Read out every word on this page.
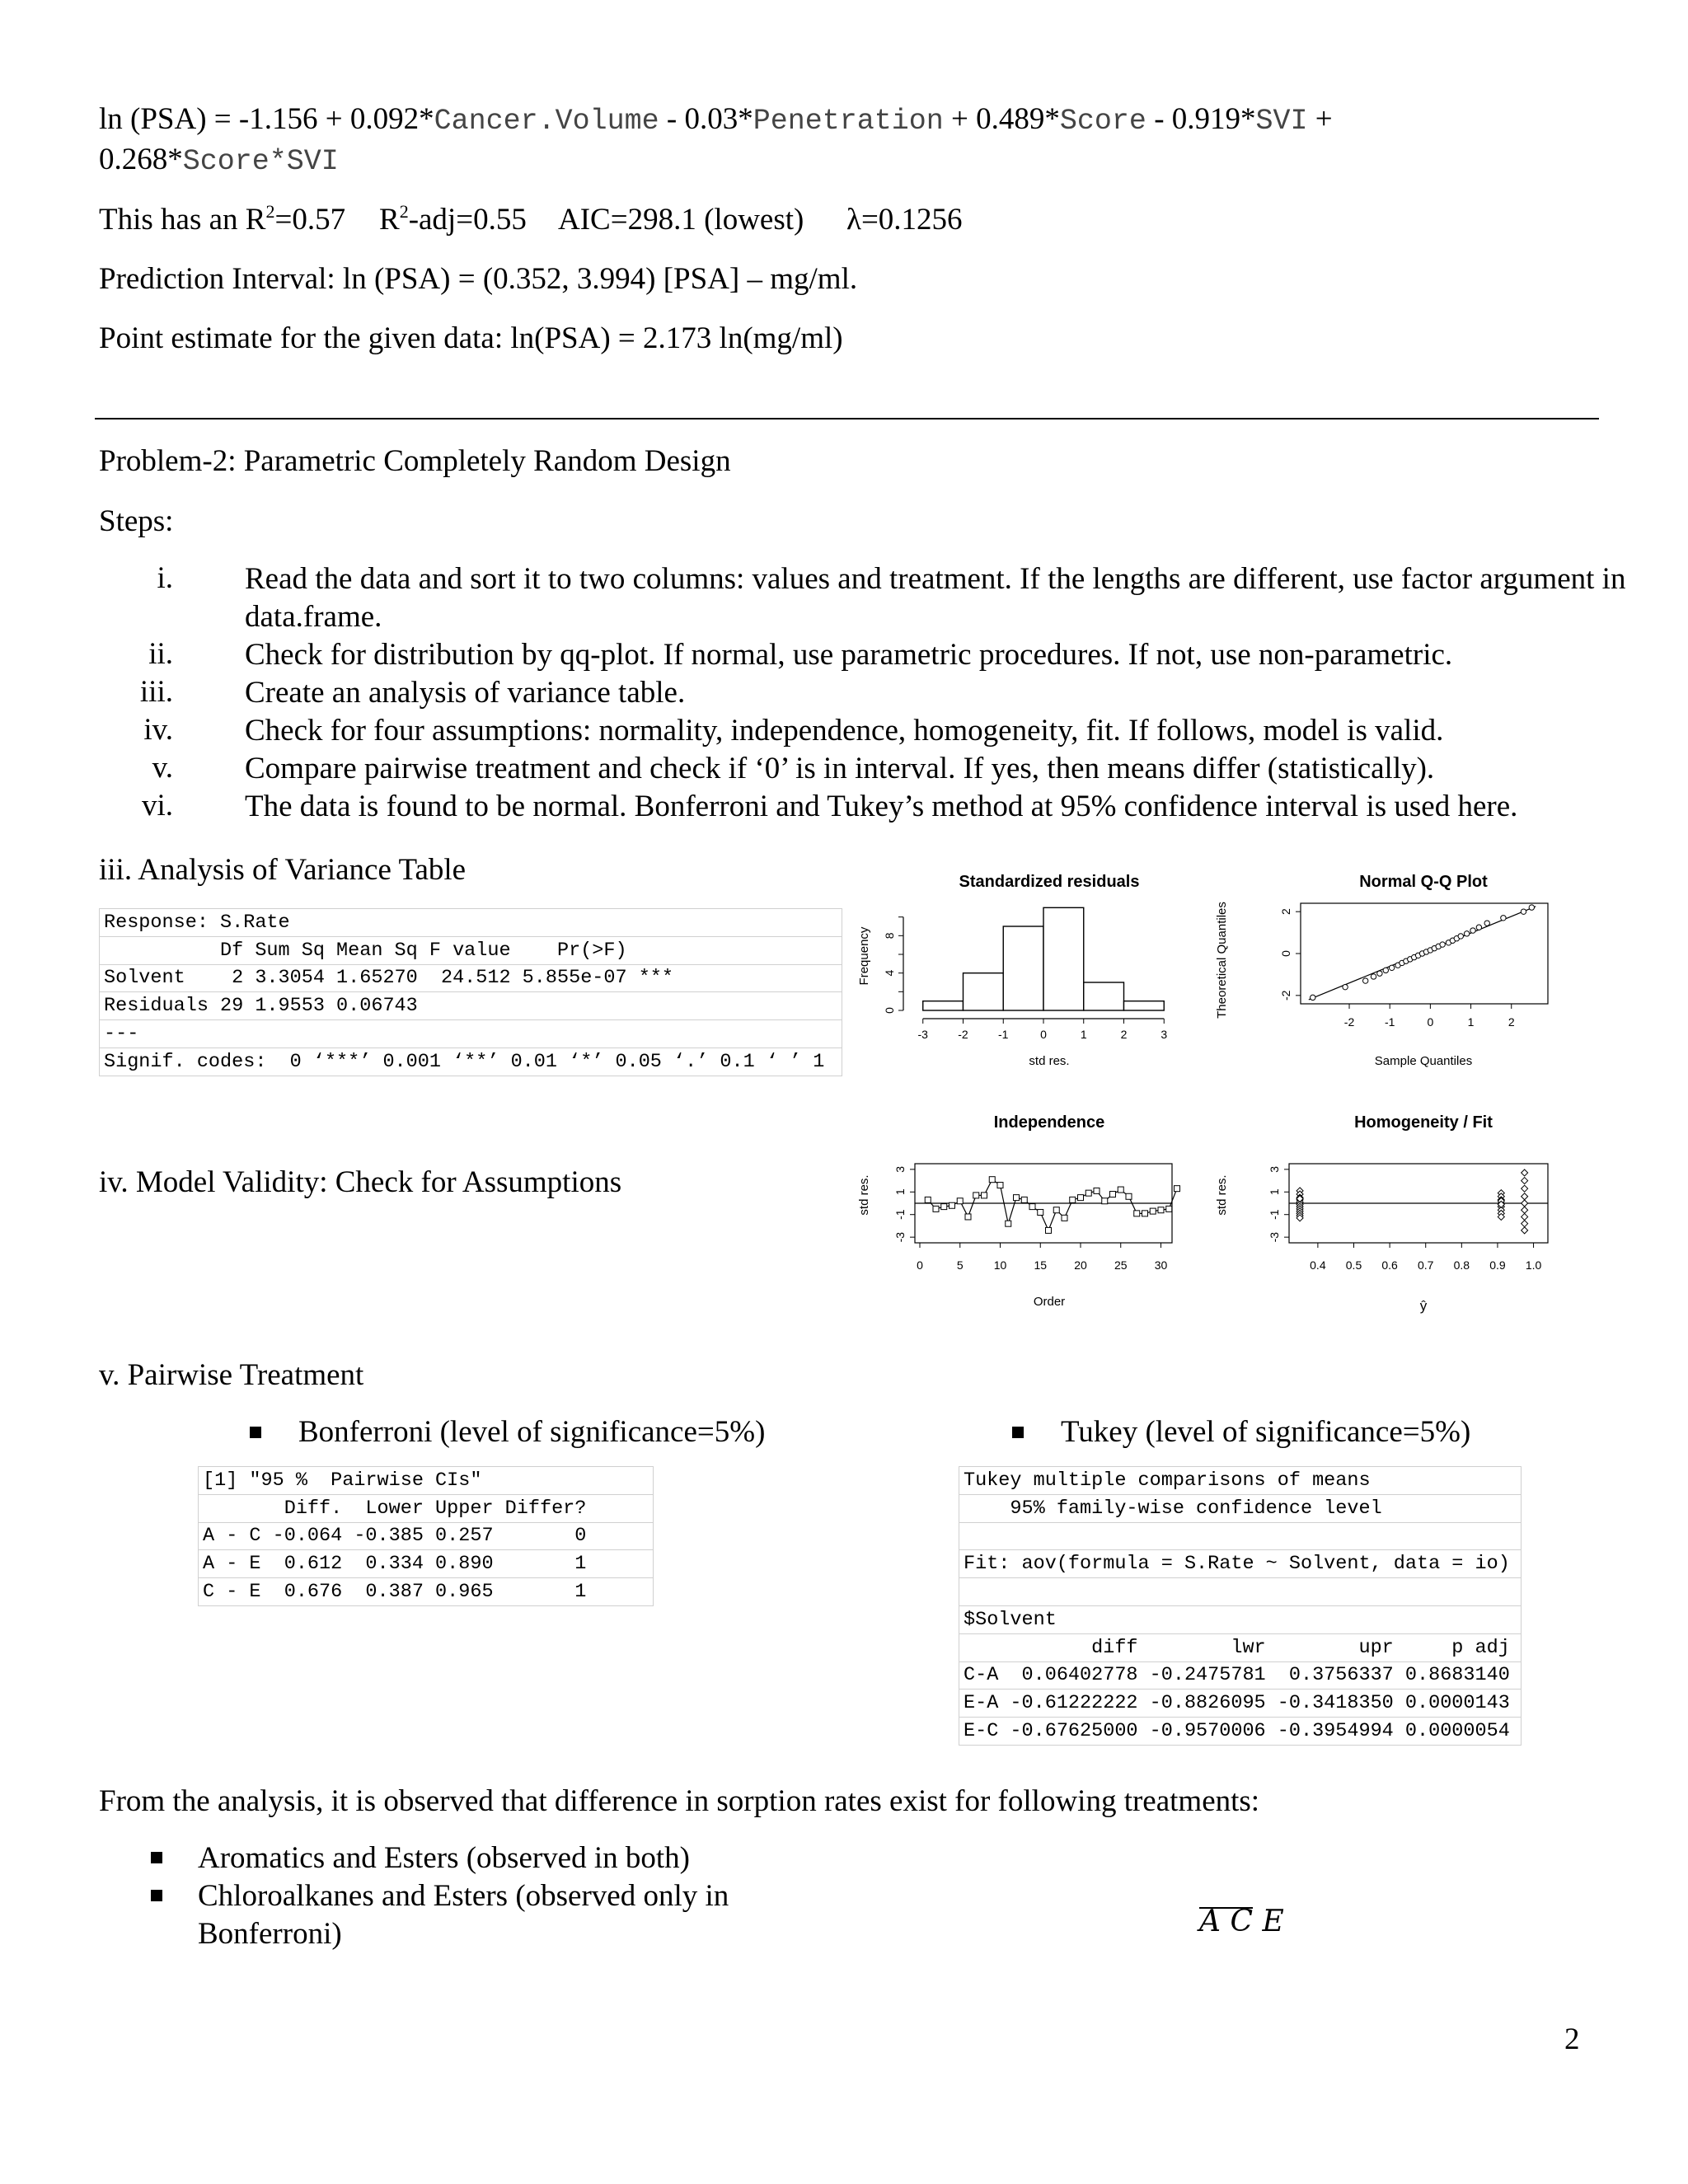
ln (PSA) = -1.156 + 0.092*Cancer.Volume - 0.03*Penetration + 0.489*Score - 0.919*SVI +
0.268*Score*SVI
This has an $R^2=0.57$ $R^2-adj=0.55$ AIC=298.1 (lowest) λ=0.1256
Prediction Interval: ln (PSA) = (0.352, 3.994) [PSA] – mg/ml.
Point estimate for the given data: ln(PSA) = 2.173 ln(mg/ml)
Problem-2: Parametric Completely Random Design
Steps:
i. Read the data and sort it to two columns: values and treatment. If the lengths are different, use factor argument in data.frame.
ii. Check for distribution by qq-plot. If normal, use parametric procedures. If not, use non-parametric.
iii. Create an analysis of variance table.
iv. Check for four assumptions: normality, independence, homogeneity, fit. If follows, model is valid.
v. Compare pairwise treatment and check if ‘0’ is in interval. If yes, then means differ (statistically).
vi. The data is found to be normal. Bonferroni and Tukey’s method at 95% confidence interval is used here.
iii. Analysis of Variance Table
Response: S.Rate
Df Sum Sq Mean Sq F value    Pr(>F)
Solvent    2 3.3054 1.65270  24.512 5.855e-07 ***
Residuals 29 1.9553 0.06743
---
Signif. codes:  0 ‘***’ 0.001 ‘**’ 0.01 ‘*’ 0.05 ‘.’ 0.1 ‘ ’ 1
iv. Model Validity: Check for Assumptions
Standardized residuals
Frequency
std res.
-3	-2	-1	0	1	2	3
0
4
8
Normal Q-Q Plot
Theoretical Quantiles
Sample Quantiles
-2	-1	0	1	2
-2
0
2
Independence
std res.
Order
0	5	10 15 20 25 30
-3
-1
1
3
Homogeneity / Fit
std res.
ŷ
0.4 0.5 0.6 0.7 0.8 0.9 1.0
-3
-1
1
3
v. Pairwise Treatment
Bonferroni (level of significance=5%)	Tukey (level of significance=5%)
[1] "95 %  Pairwise CIs"
Diff.  Lower Upper Differ?
A - C -0.064 -0.385 0.257       0
A - E  0.612  0.334 0.890       1
C - E  0.676  0.387 0.965       1
Tukey multiple comparisons of means
95% family-wise confidence level

Fit: aov(formula = S.Rate ~ Solvent, data = io)

$Solvent
diff        lwr        upr     p adj
C-A  0.06402778 -0.2475781  0.3756337 0.8683140
E-A -0.61222222 -0.8826095 -0.3418350 0.0000143
E-C -0.67625000 -0.9570006 -0.3954994 0.0000054
From the analysis, it is observed that difference in sorption rates exist for following treatments:
Aromatics and Esters (observed in both)
Chloroalkanes and Esters (observed only in
Bonferroni)	A C E
2
